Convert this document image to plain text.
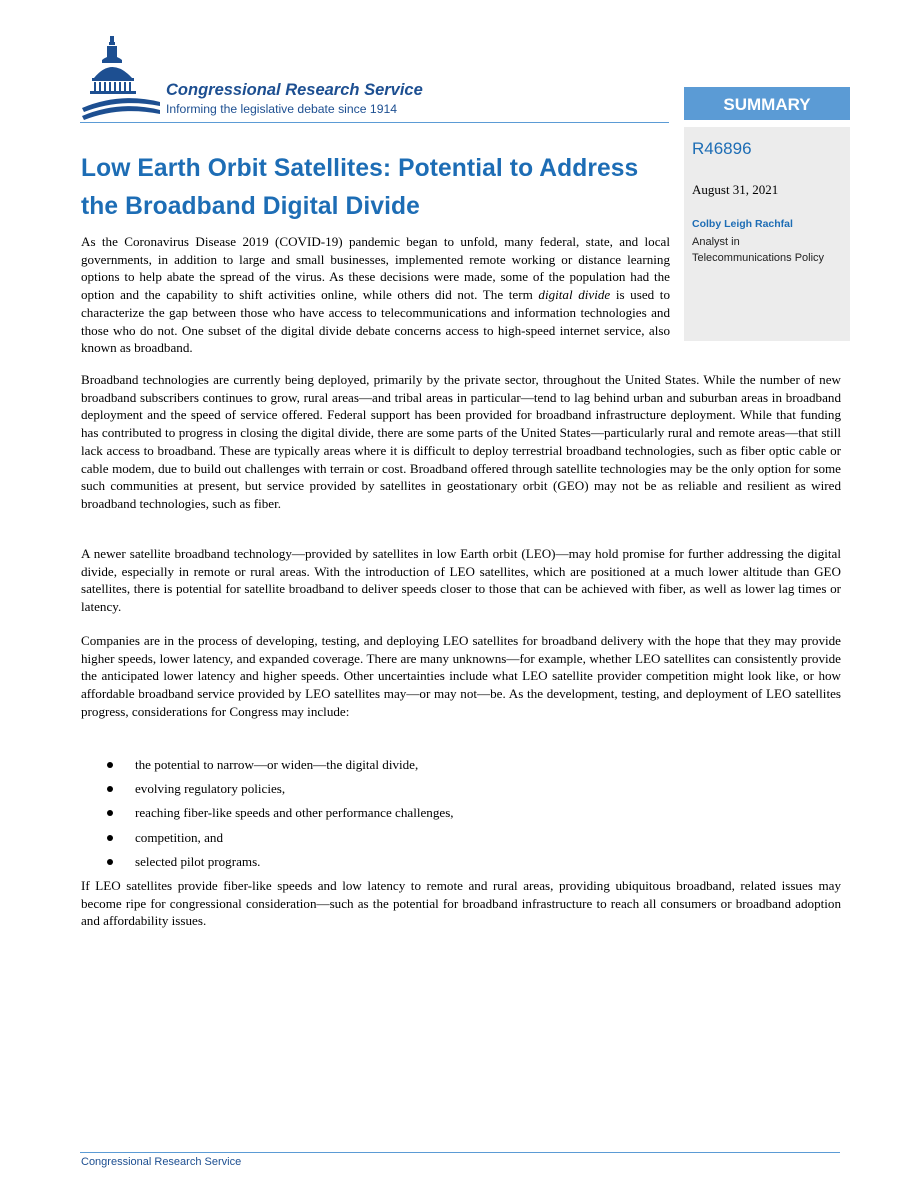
Congressional Research Service
Informing the legislative debate since 1914	SUMMARY
R46896
August 31, 2021
Colby Leigh Rachfal
Analyst in Telecommunications Policy
Low Earth Orbit Satellites: Potential to Address the Broadband Digital Divide

As the Coronavirus Disease 2019 (COVID-19) pandemic began to unfold, many federal, state, and local governments, in addition to large and small businesses, implemented remote working or distance learning options to help abate the spread of the virus. As these decisions were made, some of the population had the option and the capability to shift activities online, while others did not. The term digital divide is used to characterize the gap between those who have access to telecommunications and information technologies and those who do not. One subset of the digital divide debate concerns access to high-speed internet service, also known as broadband.

Broadband technologies are currently being deployed, primarily by the private sector, throughout the United States. While the number of new broadband subscribers continues to grow, rural areas—and tribal areas in particular—tend to lag behind urban and suburban areas in broadband deployment and the speed of service offered. Federal support has been provided for broadband infrastructure deployment. While that funding has contributed to progress in closing the digital divide, there are some parts of the United States—particularly rural and remote areas—that still lack access to broadband. These are typically areas where it is difficult to deploy terrestrial broadband technologies, such as fiber optic cable or cable modem, due to build out challenges with terrain or cost. Broadband offered through satellite technologies may be the only option for some such communities at present, but service provided by satellites in geostationary orbit (GEO) may not be as reliable and resilient as wired broadband technologies, such as fiber.

A newer satellite broadband technology—provided by satellites in low Earth orbit (LEO)—may hold promise for further addressing the digital divide, especially in remote or rural areas. With the introduction of LEO satellites, which are positioned at a much lower altitude than GEO satellites, there is potential for satellite broadband to deliver speeds closer to those that can be achieved with fiber, as well as lower lag times or latency.

Companies are in the process of developing, testing, and deploying LEO satellites for broadband delivery with the hope that they may provide higher speeds, lower latency, and expanded coverage. There are many unknowns—for example, whether LEO satellites can consistently provide the anticipated lower latency and higher speeds. Other uncertainties include what LEO satellite provider competition might look like, or how affordable broadband service provided by LEO satellites may—or may not—be. As the development, testing, and deployment of LEO satellites progress, considerations for Congress may include:

the potential to narrow—or widen—the digital divide,
evolving regulatory policies,
reaching fiber-like speeds and other performance challenges,
competition, and
selected pilot programs.

If LEO satellites provide fiber-like speeds and low latency to remote and rural areas, providing ubiquitous broadband, related issues may become ripe for congressional consideration—such as the potential for broadband infrastructure to reach all consumers or broadband adoption and affordability issues.

Congressional Research Service
